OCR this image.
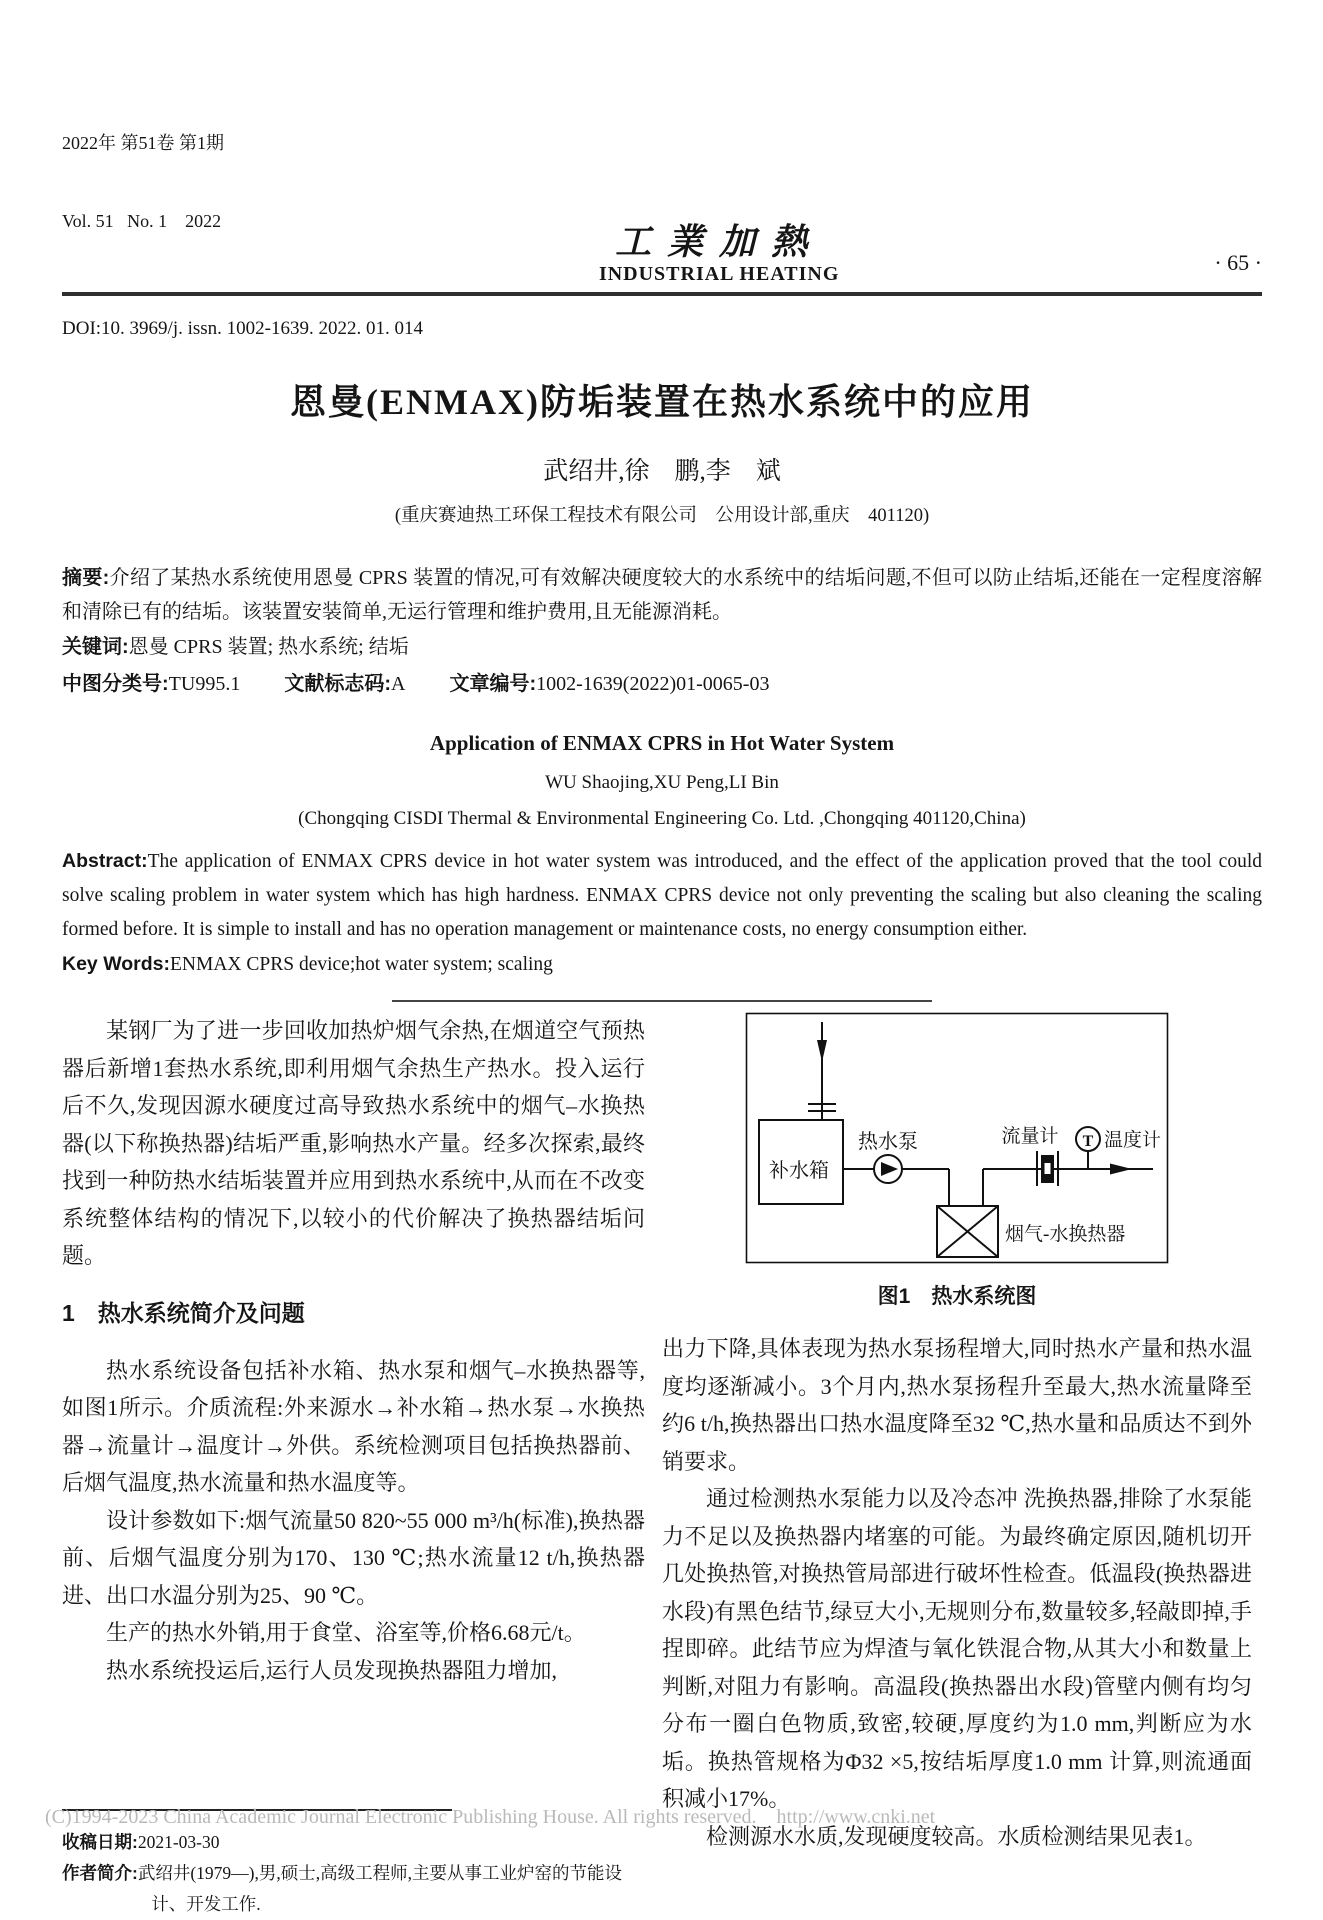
2022年 第51卷 第1期

Vol. 51   No. 1    2022

工業加熱
INDUSTRIAL HEATING	· 65 ·
DOI:10. 3969/j. issn. 1002-1639. 2022. 01. 014
恩曼(ENMAX)防垢装置在热水系统中的应用
武绍井,徐　鹏,李　斌
(重庆赛迪热工环保工程技术有限公司　公用设计部,重庆　401120)
摘要:介绍了某热水系统使用恩曼 CPRS 装置的情况,可有效解决硬度较大的水系统中的结垢问题,不但可以防止结垢,还能在一定程度溶解和清除已有的结垢。该装置安装简单,无运行管理和维护费用,且无能源消耗。
关键词:恩曼 CPRS 装置; 热水系统; 结垢
中图分类号:TU995.1 文献标志码:A 文章编号:1002-1639(2022)01-0065-03
Application of ENMAX CPRS in Hot Water System
WU Shaojing,XU Peng,LI Bin
(Chongqing CISDI Thermal & Environmental Engineering Co. Ltd. ,Chongqing 401120,China)
Abstract:The application of ENMAX CPRS device in hot water system was introduced, and the effect of the application proved that the tool could solve scaling problem in water system which has high hardness. ENMAX CPRS device not only preventing the scaling but also cleaning the scaling formed before. It is simple to install and has no operation management or maintenance costs, no energy consumption either.
Key Words:ENMAX CPRS device;hot water system; scaling

某钢厂为了进一步回收加热炉烟气余热,在烟道空气预热器后新增1套热水系统,即利用烟气余热生产热水。投入运行后不久,发现因源水硬度过高导致热水系统中的烟气–水换热器(以下称换热器)结垢严重,影响热水产量。经多次探索,最终找到一种防热水结垢装置并应用到热水系统中,从而在不改变系统整体结构的情况下,以较小的代价解决了换热器结垢问题。

1　热水系统简介及问题

热水系统设备包括补水箱、热水泵和烟气–水换热器等,如图1所示。介质流程:外来源水→补水箱→热水泵→水换热器→流量计→温度计→外供。系统检测项目包括换热器前、后烟气温度,热水流量和热水温度等。

设计参数如下:烟气流量50 820~55 000 m³/h(标准),换热器前、后烟气温度分别为170、130 ℃;热水流量12 t/h,换热器进、出口水温分别为25、90 ℃。

生产的热水外销,用于食堂、浴室等,价格6.68元/t。

热水系统投运后,运行人员发现换热器阻力增加,

收稿日期:2021-03-30
作者简介:武绍井(1979—),男,硕士,高级工程师,主要从事工业炉窑的节能设计、开发工作.
补水箱
热水泵
烟气-水换热器
流量计 T 温度计
图1　热水系统图

出力下降,具体表现为热水泵扬程增大,同时热水产量和热水温度均逐渐减小。3个月内,热水泵扬程升至最大,热水流量降至约6 t/h,换热器出口热水温度降至32 ℃,热水量和品质达不到外销要求。

通过检测热水泵能力以及冷态冲 洗换热器,排除了水泵能力不足以及换热器内堵塞的可能。为最终确定原因,随机切开几处换热管,对换热管局部进行破坏性检查。低温段(换热器进水段)有黑色结节,绿豆大小,无规则分布,数量较多,轻敲即掉,手捏即碎。此结节应为焊渣与氧化铁混合物,从其大小和数量上判断,对阻力有影响。高温段(换热器出水段)管壁内侧有均匀分布一圈白色物质,致密,较硬,厚度约为1.0 mm,判断应为水垢。换热管规格为Φ32 ×5,按结垢厚度1.0 mm 计算,则流通面积减小17%。

检测源水水质,发现硬度较高。水质检测结果见表1。

(C)1994-2023 China Academic Journal Electronic Publishing House. All rights reserved.    http://www.cnki.net
